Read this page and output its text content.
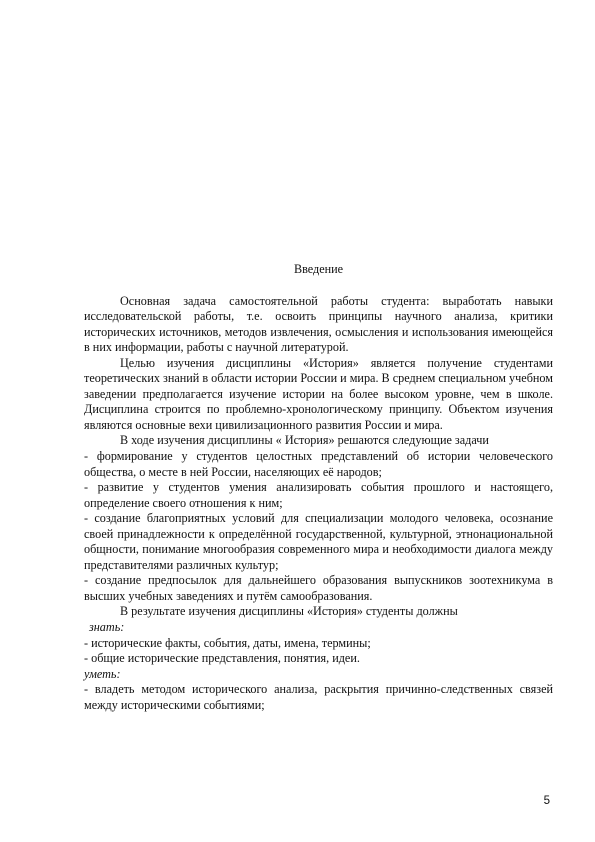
Введение

Основная задача самостоятельной работы студента: выработать навыки исследовательской работы, т.е. освоить принципы научного анализа, критики исторических источников, методов извлечения, осмысления и использования имеющейся в них информации, работы с научной литературой.

Целью изучения дисциплины «История» является получение студентами теоретических знаний в области истории России и мира. В среднем специальном учебном заведении предполагается изучение истории на более высоком уровне, чем в школе. Дисциплина строится по проблемно-хронологическому принципу. Объектом изучения являются основные вехи цивилизационного развития России и мира.

В ходе изучения дисциплины « История» решаются следующие задачи

- формирование у студентов целостных представлений об истории человеческого общества, о месте в ней России, населяющих её народов;

- развитие у студентов умения анализировать события прошлого и настоящего, определение своего отношения к ним;

- создание благоприятных условий для специализации молодого человека, осознание своей принадлежности к определённой государственной, культурной, этнонациональной общности, понимание многообразия современного мира и необходимости диалога между представителями различных культур;

- создание предпосылок для дальнейшего образования выпускников зоотехникума в высших учебных заведениях и путём самообразования.

В результате изучения дисциплины «История» студенты должны

знать:

- исторические факты, события, даты, имена, термины;

- общие исторические представления, понятия, идеи.

уметь:

- владеть методом исторического анализа, раскрытия причинно-следственных связей между историческими событиями;

5
